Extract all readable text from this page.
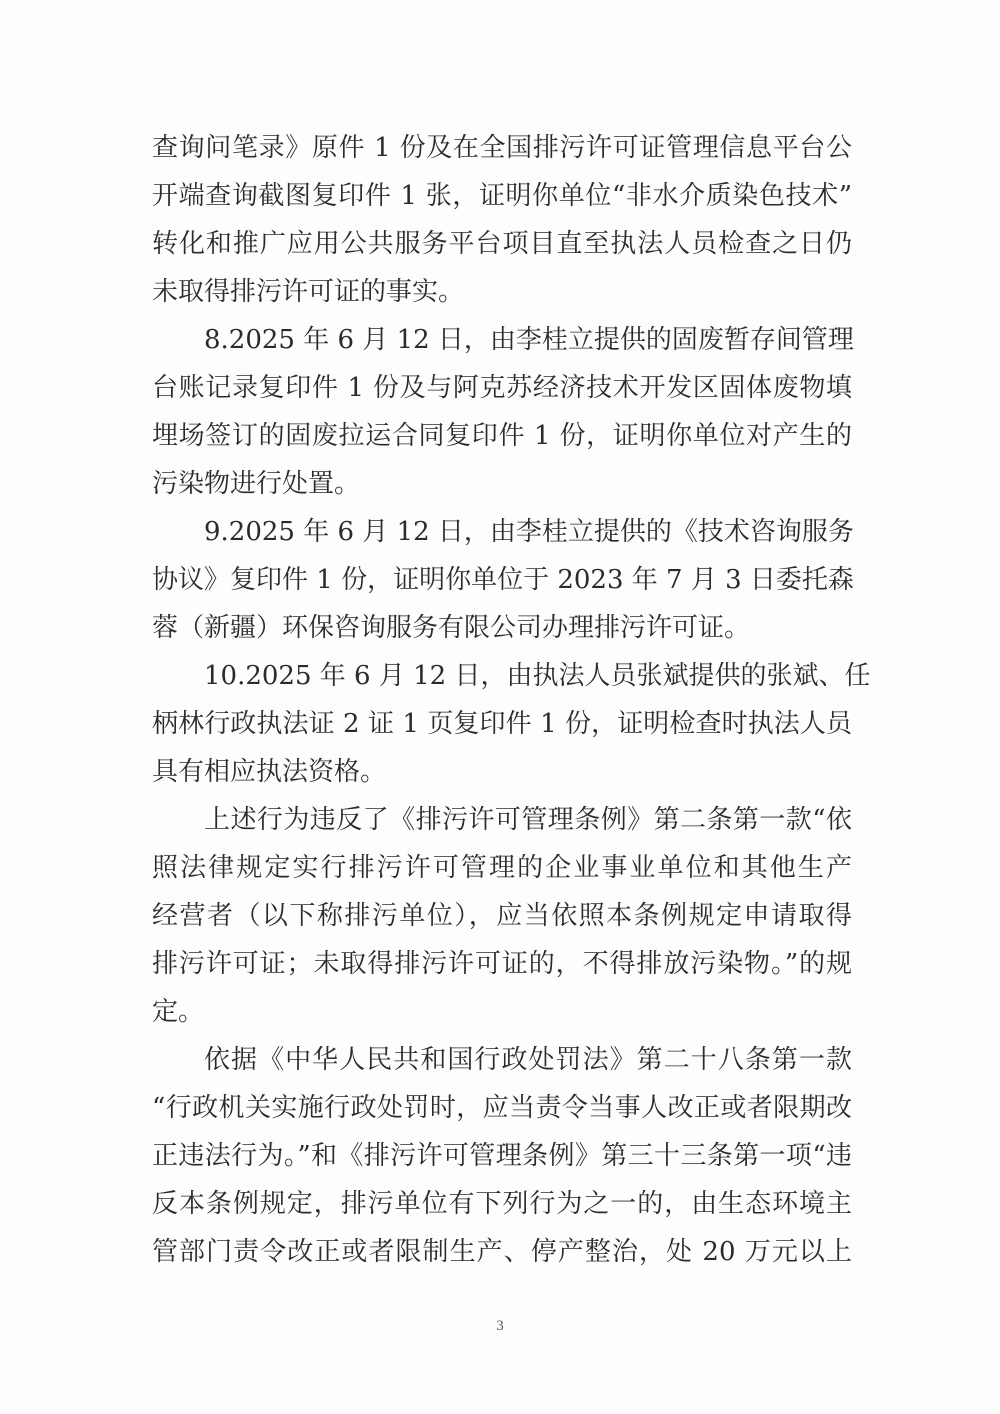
查询问笔录》原件 1 份及在全国排污许可证管理信息平台公
开端查询截图复印件 1 张，证明你单位“非水介质染色技术”
转化和推广应用公共服务平台项目直至执法人员检查之日仍
未取得排污许可证的事实。
8.2025 年 6 月 12 日，由李桂立提供的固废暂存间管理
台账记录复印件 1 份及与阿克苏经济技术开发区固体废物填
埋场签订的固废拉运合同复印件 1 份，证明你单位对产生的
污染物进行处置。
9.2025 年 6 月 12 日，由李桂立提供的《技术咨询服务
协议》复印件 1 份，证明你单位于 2023 年 7 月 3 日委托森
蓉（新疆）环保咨询服务有限公司办理排污许可证。
10.2025 年 6 月 12 日，由执法人员张斌提供的张斌、任
柄林行政执法证 2 证 1 页复印件 1 份，证明检查时执法人员
具有相应执法资格。
上述行为违反了《排污许可管理条例》第二条第一款“依
照法律规定实行排污许可管理的企业事业单位和其他生产
经营者（以下称排污单位），应当依照本条例规定申请取得
排污许可证；未取得排污许可证的，不得排放污染物。”的规
定。
依据《中华人民共和国行政处罚法》第二十八条第一款
“行政机关实施行政处罚时，应当责令当事人改正或者限期改
正违法行为。”和《排污许可管理条例》第三十三条第一项“违
反本条例规定，排污单位有下列行为之一的，由生态环境主
管部门责令改正或者限制生产、停产整治，处 20 万元以上
3
